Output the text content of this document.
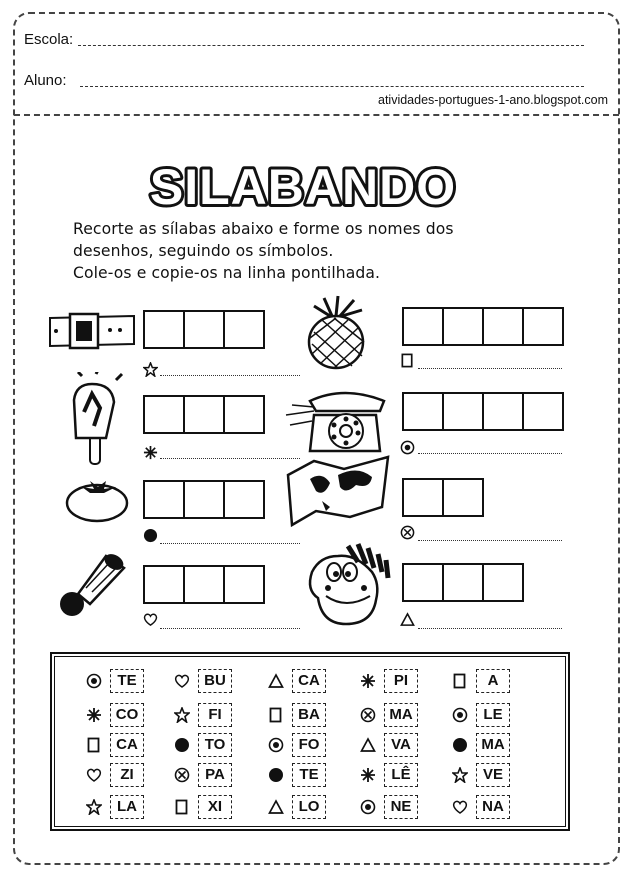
Escola:
Aluno:
atividades-portugues-1-ano.blogspot.com
SILABANDO
Recorte as sílabas abaixo e forme os nomes dos
desenhos, seguindo os símbolos.
Cole-os e copie-os na linha pontilhada.
TE
CO
CA
ZI
LA
BU
FI
TO
PA
XI
CA
BA
FO
TE
LO
PI
MA
VA
LÊ
NE
A
LE
MA
VE
NA
